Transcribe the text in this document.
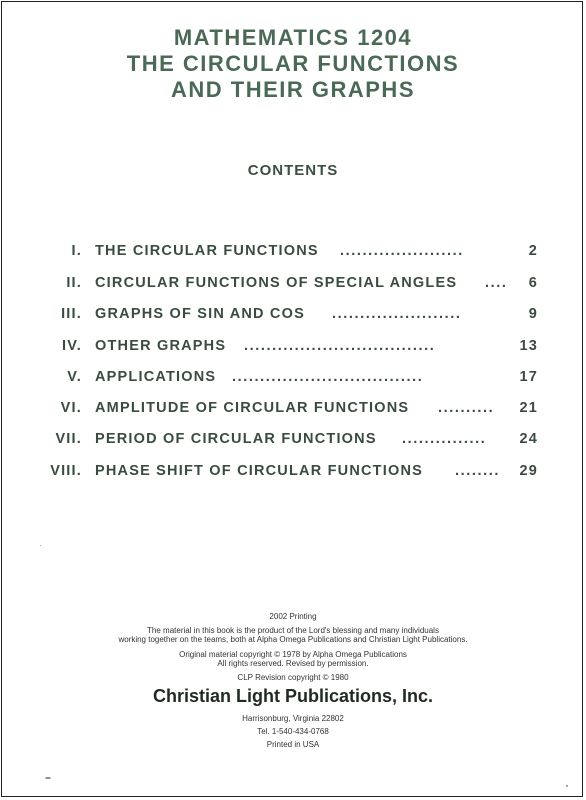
MATHEMATICS 1204
THE CIRCULAR FUNCTIONS
AND THEIR GRAPHS
CONTENTS
I. THE CIRCULAR FUNCTIONS ......................	2
II. CIRCULAR FUNCTIONS OF SPECIAL ANGLES .... 6
III. GRAPHS OF SIN AND COS .......................	9
IV. OTHER GRAPHS ..................................	13
V. APPLICATIONS ..................................	17
VI. AMPLITUDE OF CIRCULAR FUNCTIONS .......... 21
VII. PERIOD OF CIRCULAR FUNCTIONS ............... 24
VIII. PHASE SHIFT OF CIRCULAR FUNCTIONS ........ 29
2002 Printing
The material in this book is the product of the Lord's blessing and many individuals
working together on the teams, both at Alpha Omega Publications and Christian Light Publications.
Original material copyright © 1978 by Alpha Omega Publications
All rights reserved. Revised by permission.
CLP Revision copyright © 1980
Christian Light Publications, Inc.
Harrisonburg, Virginia 22802
Tel. 1-540-434-0768
Printed in USA
